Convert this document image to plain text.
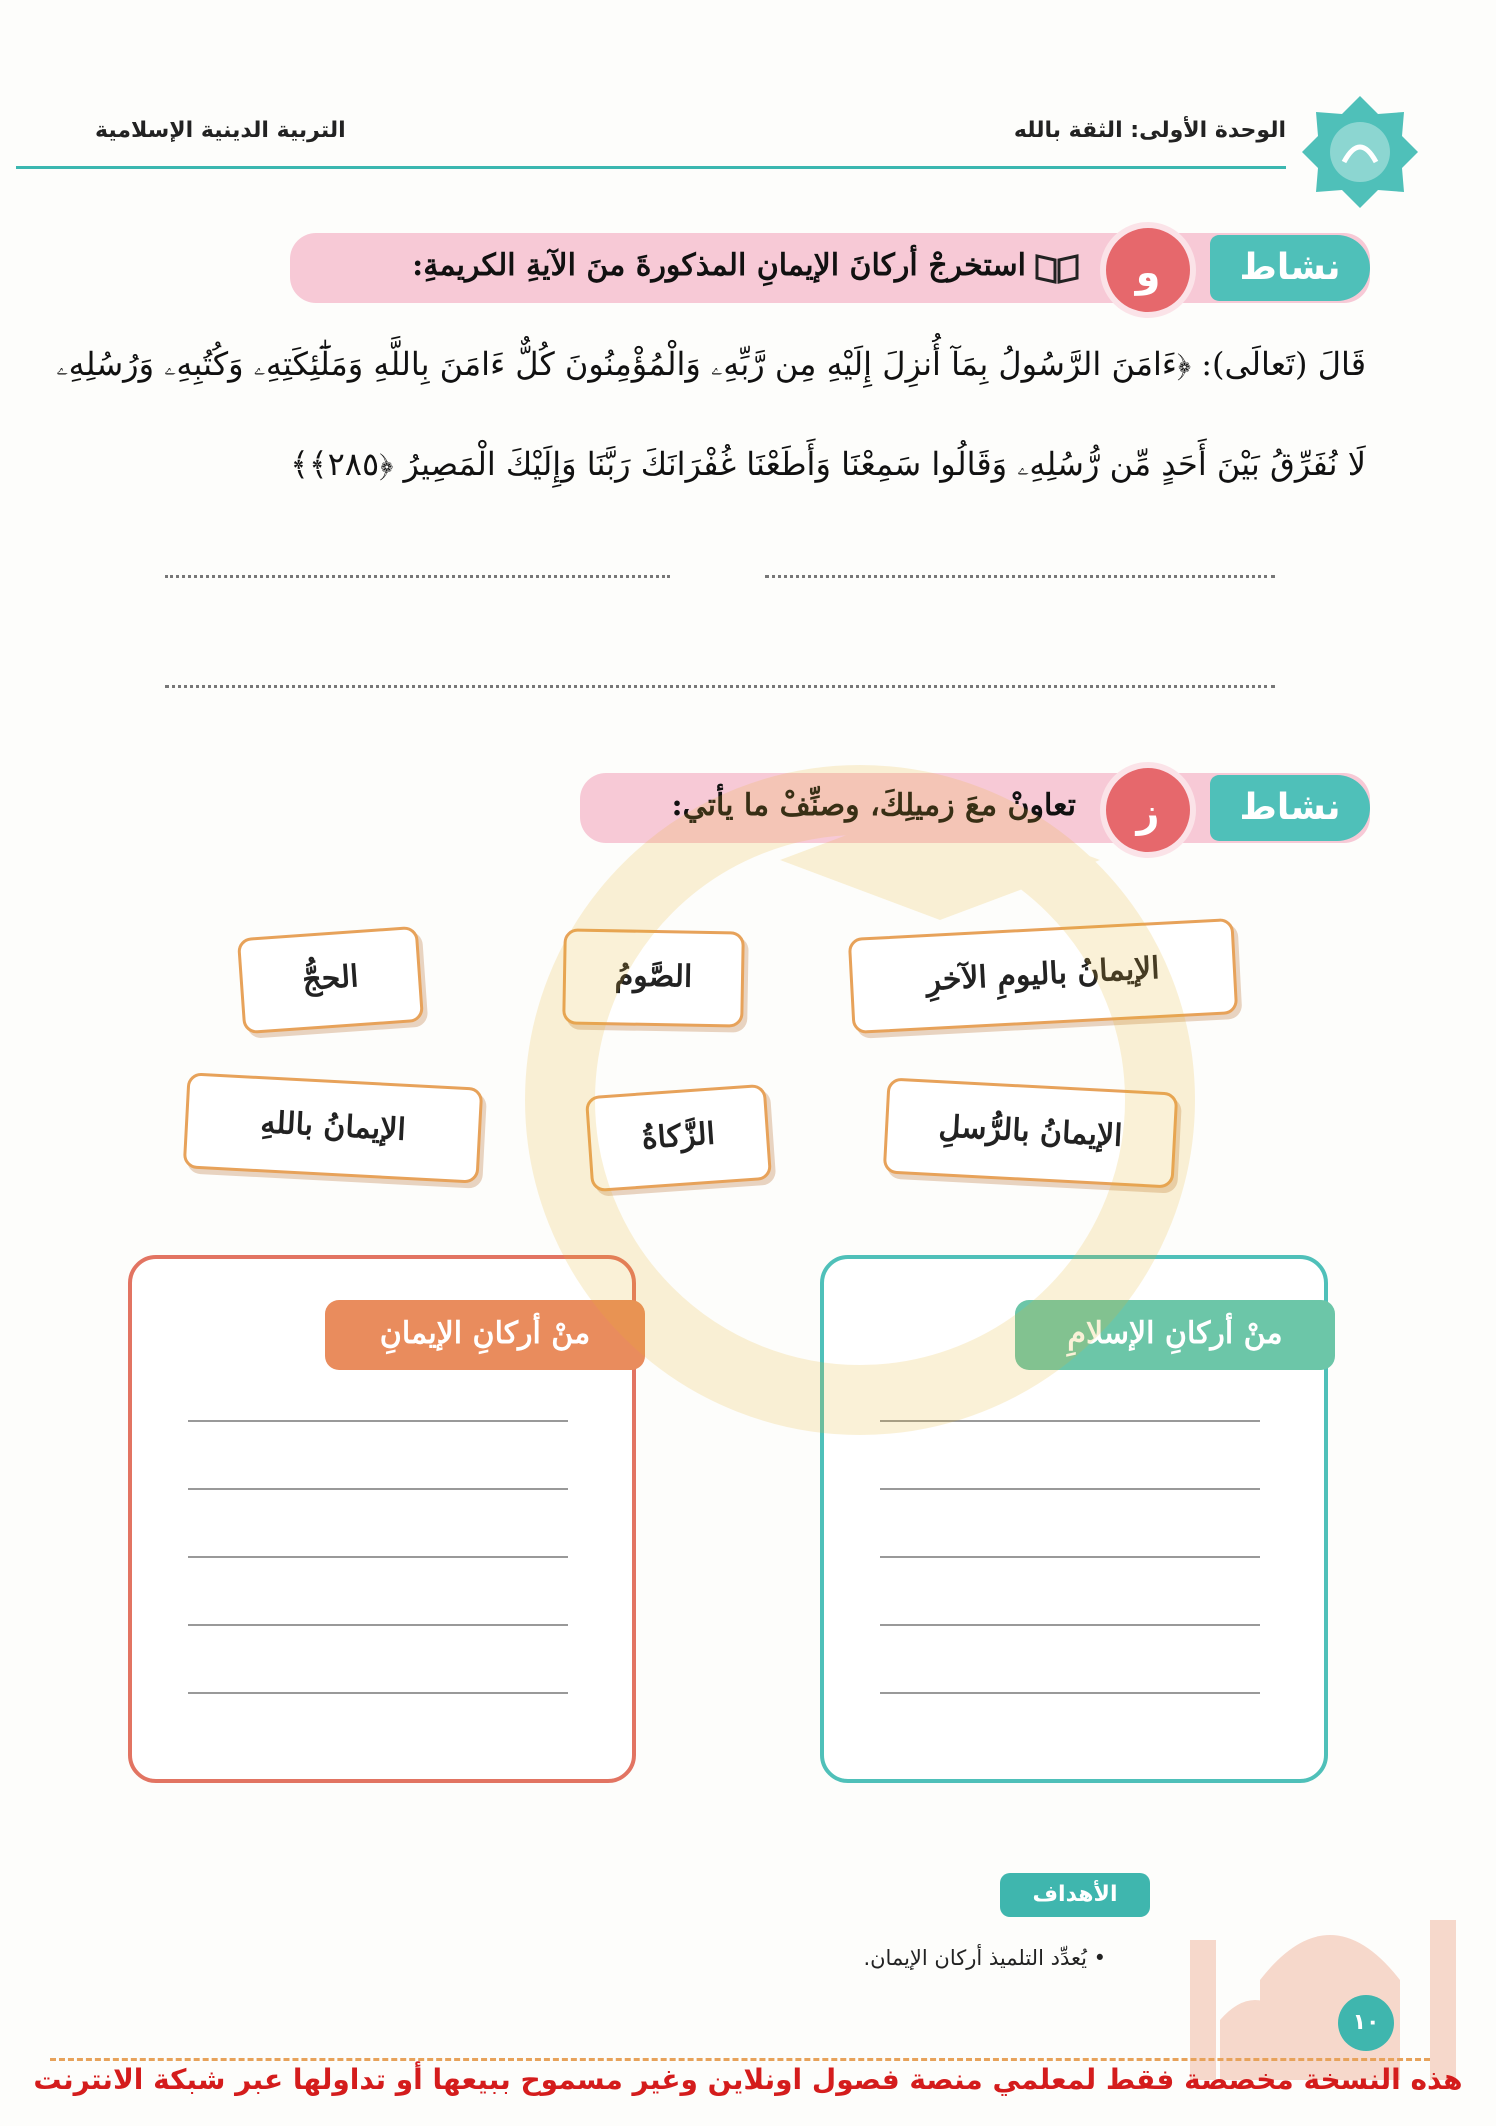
الوحدة الأولى: الثقة بالله
التربية الدينية الإسلامية
نشاط
و
استخرجْ أركانَ الإيمانِ المذكورةَ منَ الآيةِ الكريمةِ:
قَالَ (تَعالَى): ﴿ءَامَنَ الرَّسُولُ بِمَآ أُنزِلَ إِلَيْهِ مِن رَّبِّهِۦ وَالْمُؤْمِنُونَ كُلٌّ ءَامَنَ بِاللَّهِ وَمَلَٰٓئِكَتِهِۦ وَكُتُبِهِۦ وَرُسُلِهِۦ
لَا نُفَرِّقُ بَيْنَ أَحَدٍ مِّن رُّسُلِهِۦ وَقَالُوا سَمِعْنَا وَأَطَعْنَا غُفْرَانَكَ رَبَّنَا وَإِلَيْكَ الْمَصِيرُ ﴿٢٨٥﴾﴾
نشاط
ز
تعاونْ معَ زميلِكَ، وصنِّفْ ما يأتي:
الإيمانُ باليومِ الآخرِ
الصَّومُ
الحجُّ
الإيمانُ بالرُّسلِ
الزَّكاةُ
الإيمانُ باللهِ
منْ أركانِ الإسلامِ
منْ أركانِ الإيمانِ
الأهداف
• يُعدِّد التلميذ أركان الإيمان.
١٠
هذه النسخة مخصصة فقط لمعلمي منصة فصول اونلاين وغير مسموح ببيعها أو تداولها عبر شبكة الانترنت
